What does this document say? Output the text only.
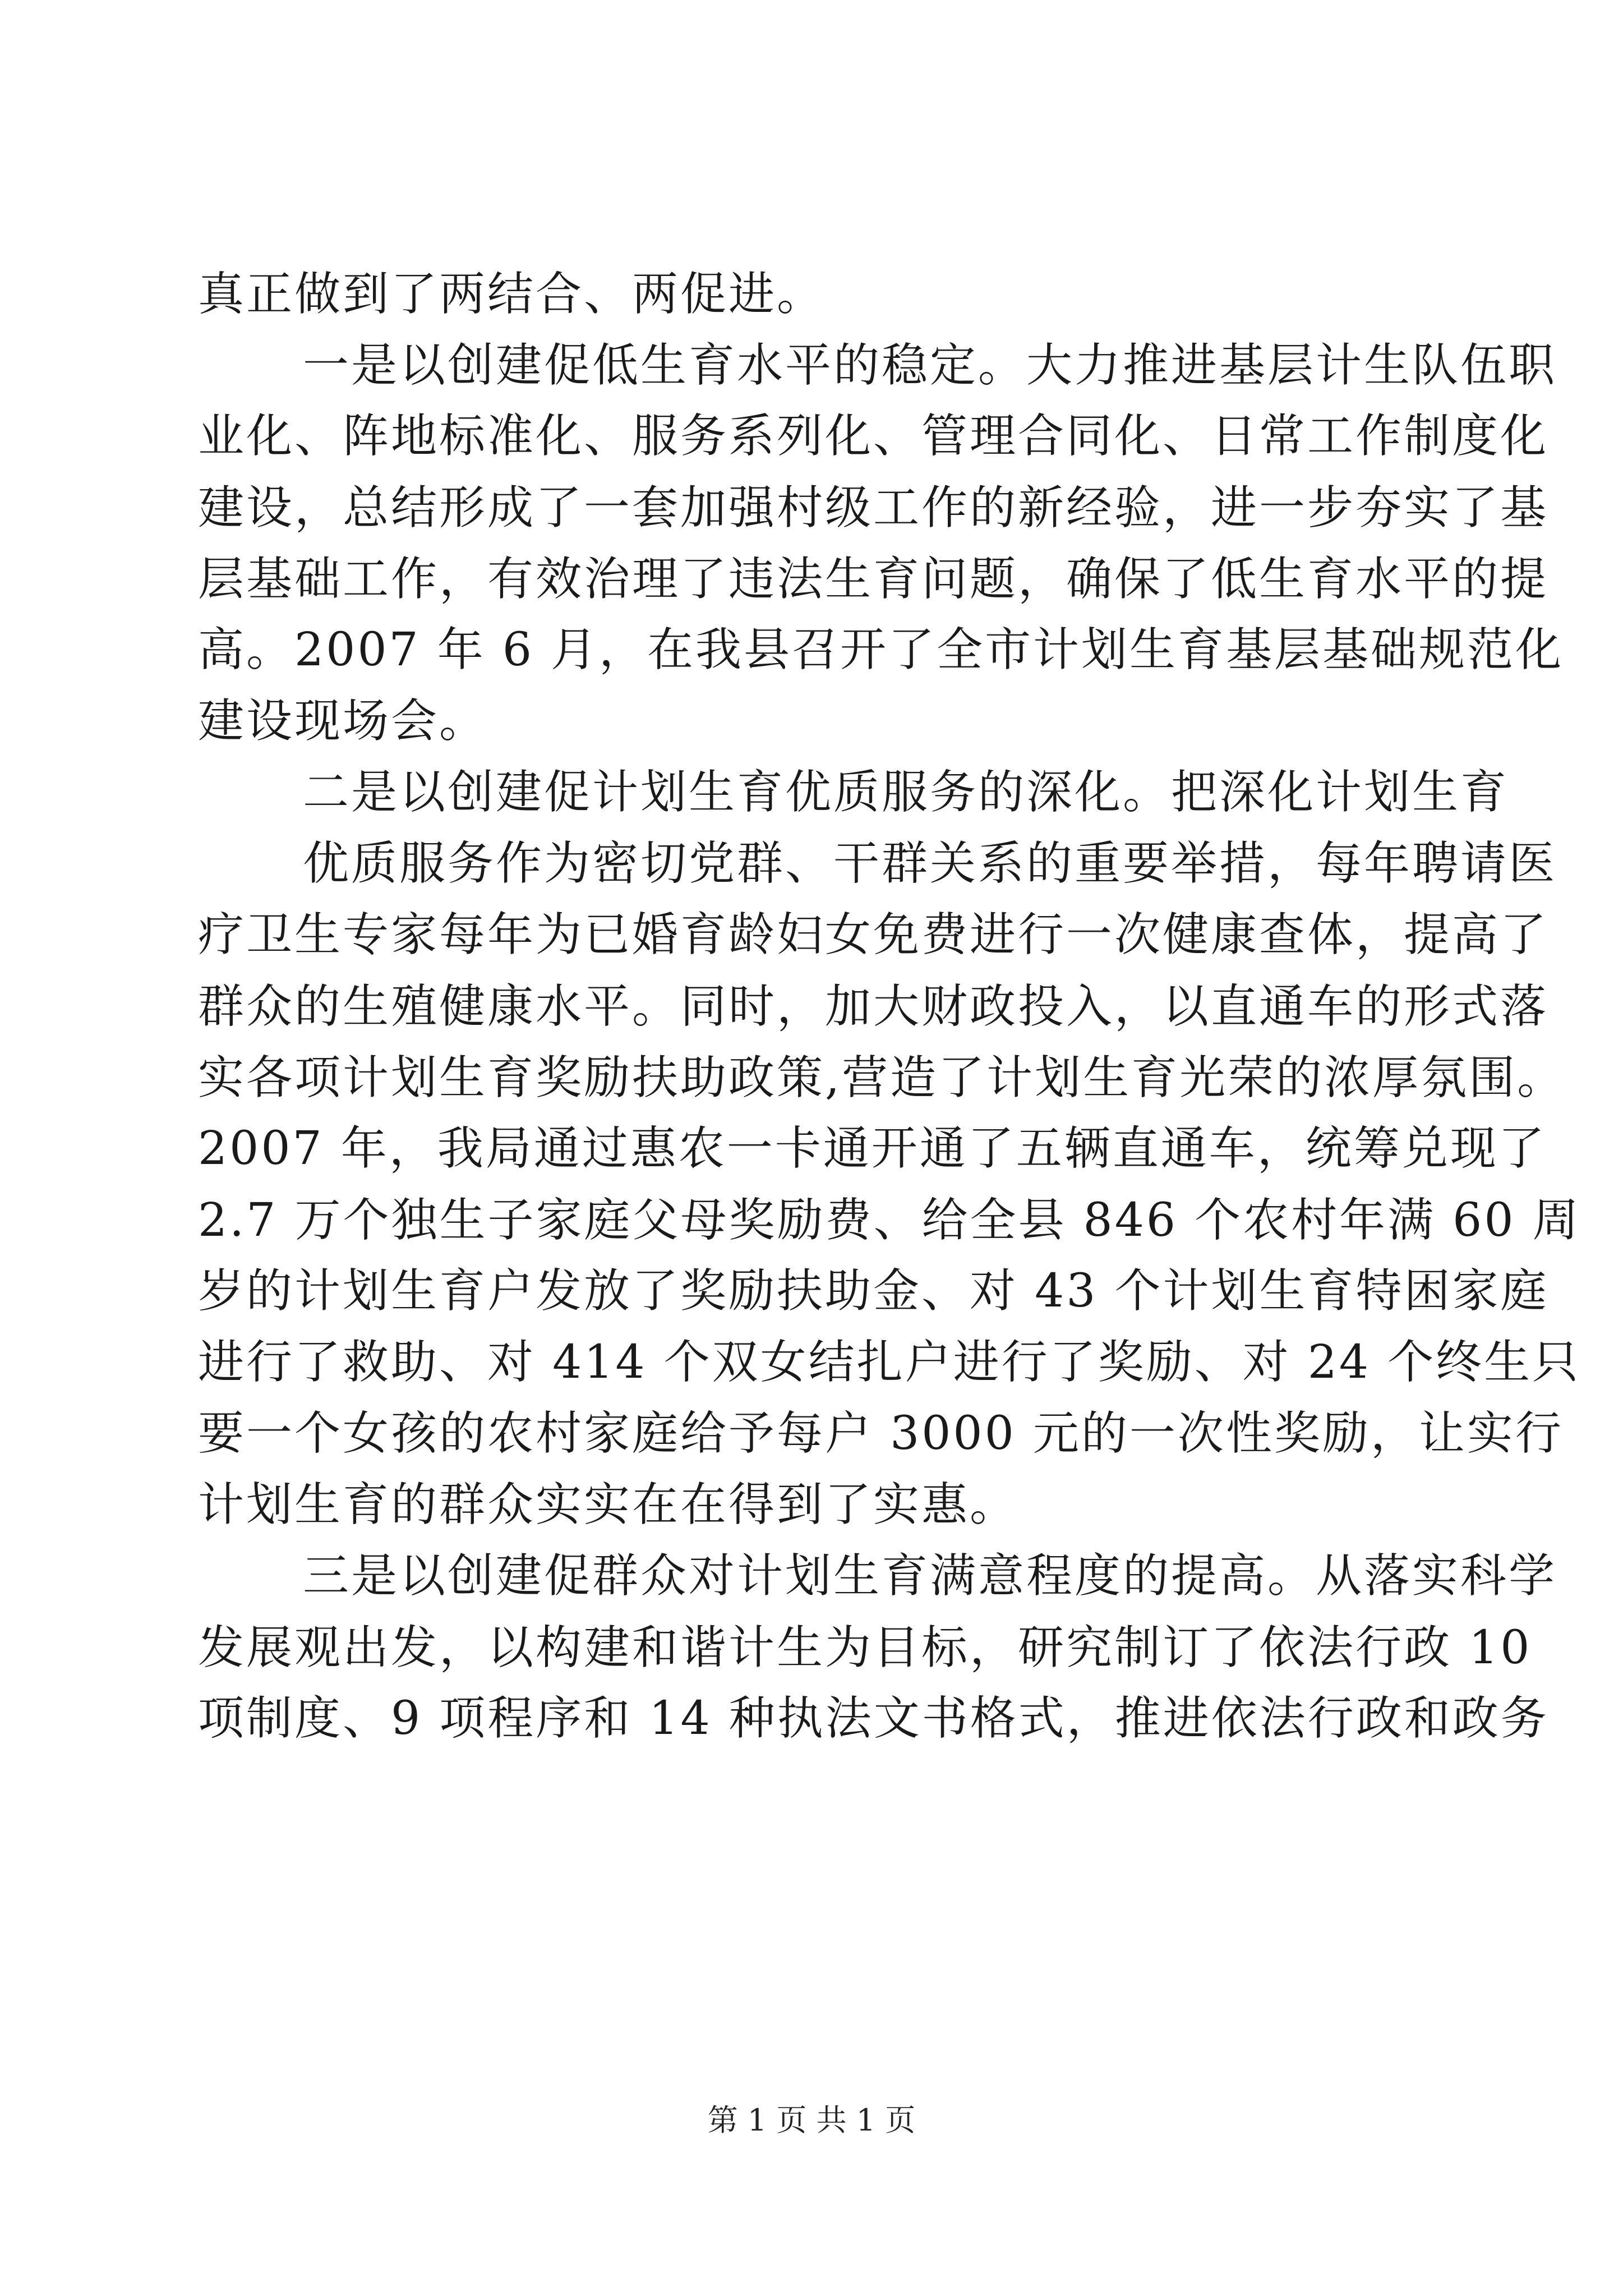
真正做到了两结合、两促进。
一是以创建促低生育水平的稳定。大力推进基层计生队伍职
业化、阵地标准化、服务系列化、管理合同化、日常工作制度化
建设，总结形成了一套加强村级工作的新经验，进一步夯实了基
层基础工作，有效治理了违法生育问题，确保了低生育水平的提
高。2007 年 6 月，在我县召开了全市计划生育基层基础规范化
建设现场会。
二是以创建促计划生育优质服务的深化。把深化计划生育
优质服务作为密切党群、干群关系的重要举措，每年聘请医
疗卫生专家每年为已婚育龄妇女免费进行一次健康查体，提高了
群众的生殖健康水平。同时，加大财政投入，以直通车的形式落
实各项计划生育奖励扶助政策,营造了计划生育光荣的浓厚氛围。
2007 年，我局通过惠农一卡通开通了五辆直通车，统筹兑现了
2.7 万个独生子家庭父母奖励费、给全县 846 个农村年满 60 周
岁的计划生育户发放了奖励扶助金、对 43 个计划生育特困家庭
进行了救助、对 414 个双女结扎户进行了奖励、对 24 个终生只
要一个女孩的农村家庭给予每户 3000 元的一次性奖励，让实行
计划生育的群众实实在在得到了实惠。
三是以创建促群众对计划生育满意程度的提高。从落实科学
发展观出发，以构建和谐计生为目标，研究制订了依法行政 10
项制度、9 项程序和 14 种执法文书格式，推进依法行政和政务
第 1 页 共 1 页
